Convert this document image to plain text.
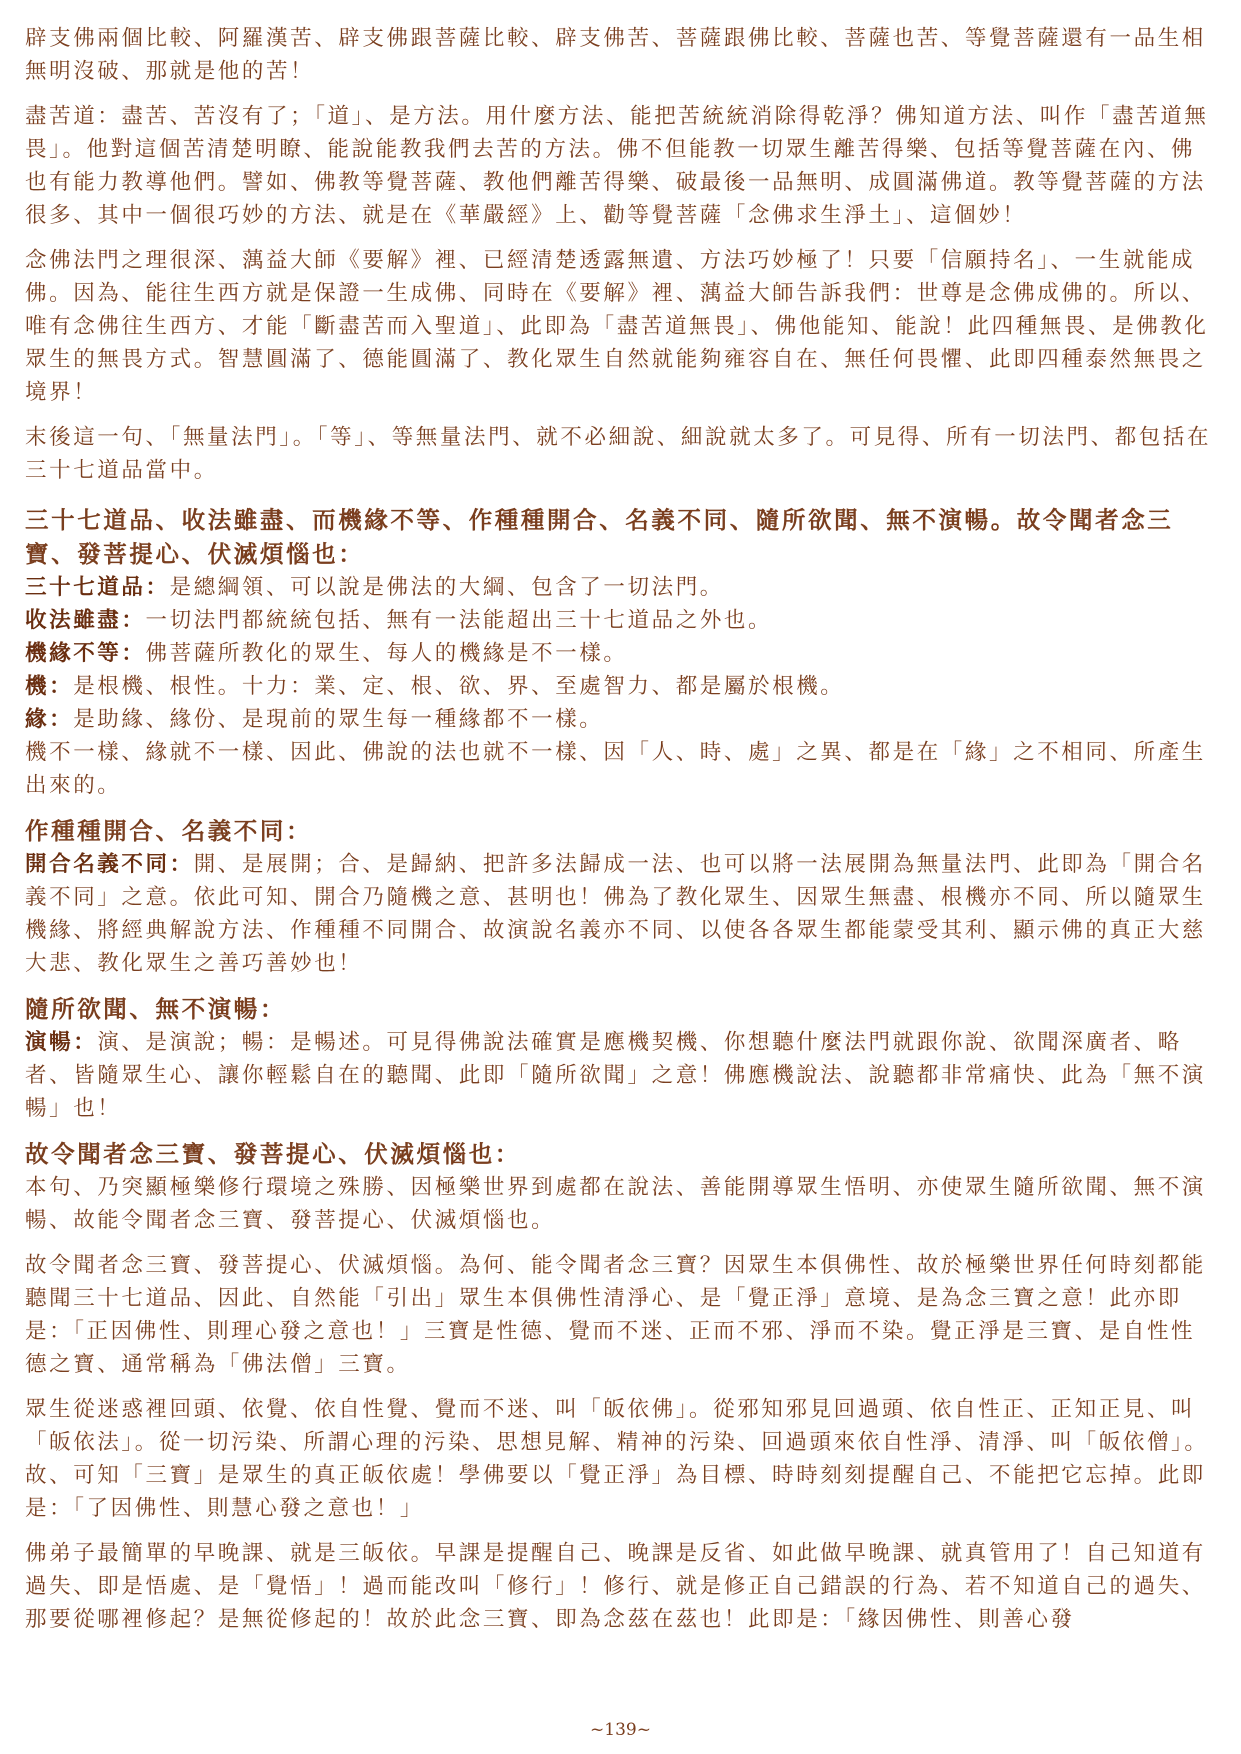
辟支佛兩個比較、阿羅漢苦、辟支佛跟菩薩比較、辟支佛苦、菩薩跟佛比較、菩薩也苦、等覺菩薩還有一品生相無明沒破、那就是他的苦！

盡苦道：盡苦、苦沒有了；「道」、是方法。用什麼方法、能把苦統統消除得乾淨？佛知道方法、叫作「盡苦道無畏」。他對這個苦清楚明瞭、能說能教我們去苦的方法。佛不但能教一切眾生離苦得樂、包括等覺菩薩在內、佛也有能力教導他們。譬如、佛教等覺菩薩、教他們離苦得樂、破最後一品無明、成圓滿佛道。教等覺菩薩的方法很多、其中一個很巧妙的方法、就是在《華嚴經》上、勸等覺菩薩「念佛求生淨土」、這個妙！

念佛法門之理很深、蕅益大師《要解》裡、已經清楚透露無遺、方法巧妙極了！只要「信願持名」、一生就能成佛。因為、能往生西方就是保證一生成佛、同時在《要解》裡、蕅益大師告訴我們：世尊是念佛成佛的。所以、唯有念佛往生西方、才能「斷盡苦而入聖道」、此即為「盡苦道無畏」、佛他能知、能說！此四種無畏、是佛教化眾生的無畏方式。智慧圓滿了、德能圓滿了、教化眾生自然就能夠雍容自在、無任何畏懼、此即四種泰然無畏之境界！

末後這一句、「無量法門」。「等」、等無量法門、就不必細說、細說就太多了。可見得、所有一切法門、都包括在三十七道品當中。

三十七道品、收法雖盡、而機緣不等、作種種開合、名義不同、隨所欲聞、無不演暢。故令聞者念三寶、發菩提心、伏滅煩惱也：

三十七道品：是總綱領、可以說是佛法的大綱、包含了一切法門。

收法雖盡：一切法門都統統包括、無有一法能超出三十七道品之外也。

機緣不等：佛菩薩所教化的眾生、每人的機緣是不一樣。

機：是根機、根性。十力：業、定、根、欲、界、至處智力、都是屬於根機。

緣：是助緣、緣份、是現前的眾生每一種緣都不一樣。

機不一樣、緣就不一樣、因此、佛說的法也就不一樣、因「人、時、處」之異、都是在「緣」之不相同、所產生出來的。

作種種開合、名義不同：

開合名義不同：開、是展開；合、是歸納、把許多法歸成一法、也可以將一法展開為無量法門、此即為「開合名義不同」之意。依此可知、開合乃隨機之意、甚明也！佛為了教化眾生、因眾生無盡、根機亦不同、所以隨眾生機緣、將經典解說方法、作種種不同開合、故演說名義亦不同、以使各各眾生都能蒙受其利、顯示佛的真正大慈大悲、教化眾生之善巧善妙也！

隨所欲聞、無不演暢：

演暢：演、是演說；暢：是暢述。可見得佛說法確實是應機契機、你想聽什麼法門就跟你說、欲聞深廣者、略者、皆隨眾生心、讓你輕鬆自在的聽聞、此即「隨所欲聞」之意！佛應機說法、說聽都非常痛快、此為「無不演暢」也！

故令聞者念三寶、發菩提心、伏滅煩惱也：

本句、乃突顯極樂修行環境之殊勝、因極樂世界到處都在說法、善能開導眾生悟明、亦使眾生隨所欲聞、無不演暢、故能令聞者念三寶、發菩提心、伏滅煩惱也。

故令聞者念三寶、發菩提心、伏滅煩惱。為何、能令聞者念三寶？因眾生本俱佛性、故於極樂世界任何時刻都能聽聞三十七道品、因此、自然能「引出」眾生本俱佛性清淨心、是「覺正淨」意境、是為念三寶之意！此亦即是：「正因佛性、則理心發之意也！」三寶是性德、覺而不迷、正而不邪、淨而不染。覺正淨是三寶、是自性性德之寶、通常稱為「佛法僧」三寶。

眾生從迷惑裡回頭、依覺、依自性覺、覺而不迷、叫「皈依佛」。從邪知邪見回過頭、依自性正、正知正見、叫「皈依法」。從一切污染、所謂心理的污染、思想見解、精神的污染、回過頭來依自性淨、清淨、叫「皈依僧」。故、可知「三寶」是眾生的真正皈依處！學佛要以「覺正淨」為目標、時時刻刻提醒自己、不能把它忘掉。此即是：「了因佛性、則慧心發之意也！」

佛弟子最簡單的早晚課、就是三皈依。早課是提醒自己、晚課是反省、如此做早晚課、就真管用了！自己知道有過失、即是悟處、是「覺悟」！過而能改叫「修行」！修行、就是修正自己錯誤的行為、若不知道自己的過失、那要從哪裡修起？是無從修起的！故於此念三寶、即為念茲在茲也！此即是：「緣因佛性、則善心發

~139~
